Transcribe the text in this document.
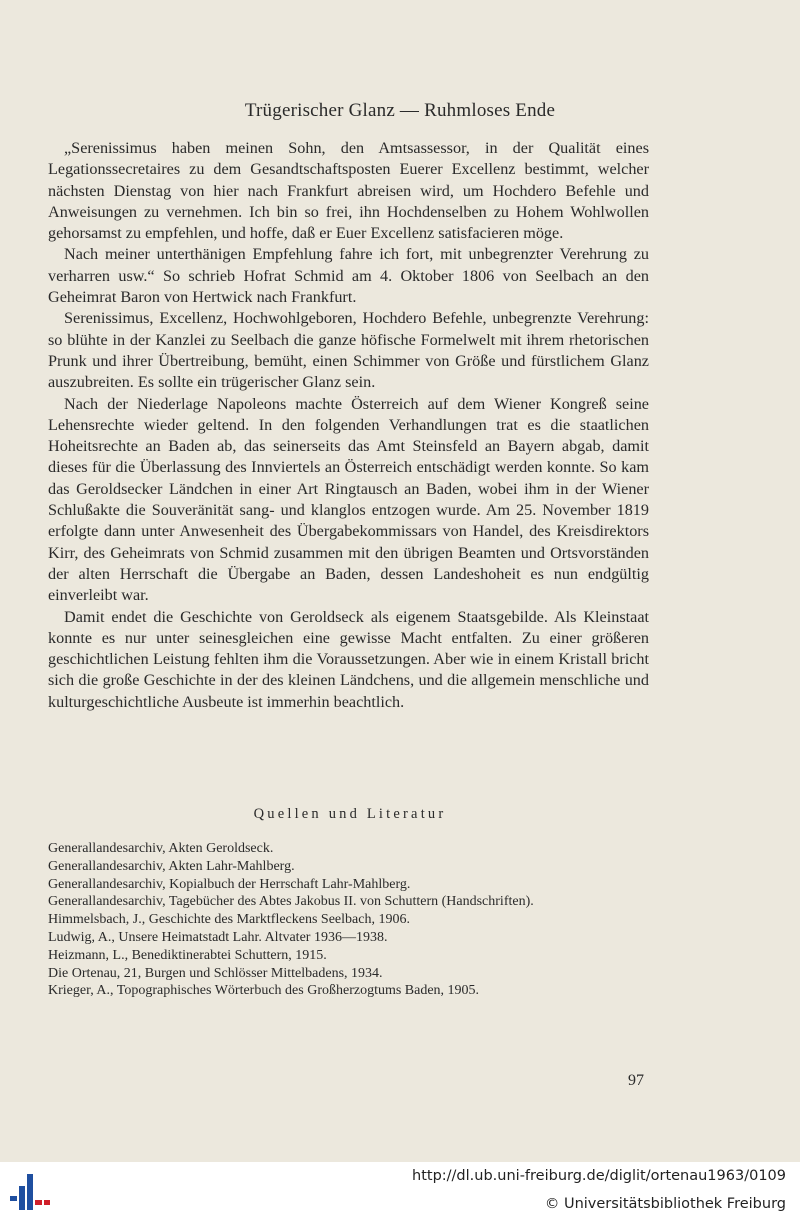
Trügerischer Glanz — Ruhmloses Ende

„Serenissimus haben meinen Sohn, den Amtsassessor, in der Qualität eines Legationssecretaires zu dem Gesandtschaftsposten Euerer Excellenz bestimmt, welcher nächsten Dienstag von hier nach Frankfurt abreisen wird, um Hochdero Befehle und Anweisungen zu vernehmen. Ich bin so frei, ihn Hochdenselben zu Hohem Wohlwollen gehorsamst zu empfehlen, und hoffe, daß er Euer Excellenz satisfacieren möge.

Nach meiner unterthänigen Empfehlung fahre ich fort, mit unbegrenzter Verehrung zu verharren usw.“ So schrieb Hofrat Schmid am 4. Oktober 1806 von Seelbach an den Geheimrat Baron von Hertwick nach Frankfurt.

Serenissimus, Excellenz, Hochwohlgeboren, Hochdero Befehle, unbegrenzte Verehrung: so blühte in der Kanzlei zu Seelbach die ganze höfische Formelwelt mit ihrem rhetorischen Prunk und ihrer Übertreibung, bemüht, einen Schimmer von Größe und fürstlichem Glanz auszubreiten. Es sollte ein trügerischer Glanz sein.

Nach der Niederlage Napoleons machte Österreich auf dem Wiener Kongreß seine Lehensrechte wieder geltend. In den folgenden Verhandlungen trat es die staatlichen Hoheitsrechte an Baden ab, das seinerseits das Amt Steinsfeld an Bayern abgab, damit dieses für die Überlassung des Innviertels an Österreich entschädigt werden konnte. So kam das Geroldsecker Ländchen in einer Art Ringtausch an Baden, wobei ihm in der Wiener Schlußakte die Souveränität sang- und klanglos entzogen wurde. Am 25. November 1819 erfolgte dann unter Anwesenheit des Übergabekommissars von Handel, des Kreisdirektors Kirr, des Geheimrats von Schmid zusammen mit den übrigen Beamten und Ortsvorständen der alten Herrschaft die Übergabe an Baden, dessen Landeshoheit es nun endgültig einverleibt war.

Damit endet die Geschichte von Geroldseck als eigenem Staatsgebilde. Als Kleinstaat konnte es nur unter seinesgleichen eine gewisse Macht entfalten. Zu einer größeren geschichtlichen Leistung fehlten ihm die Voraussetzungen. Aber wie in einem Kristall bricht sich die große Geschichte in der des kleinen Ländchens, und die allgemein menschliche und kulturgeschichtliche Ausbeute ist immerhin beachtlich.

Quellen und Literatur
Generallandesarchiv, Akten Geroldseck.
Generallandesarchiv, Akten Lahr-Mahlberg.
Generallandesarchiv, Kopialbuch der Herrschaft Lahr-Mahlberg.
Generallandesarchiv, Tagebücher des Abtes Jakobus II. von Schuttern (Handschriften).
Himmelsbach, J., Geschichte des Marktfleckens Seelbach, 1906.
Ludwig, A., Unsere Heimatstadt Lahr. Altvater 1936—1938.
Heizmann, L., Benediktinerabtei Schuttern, 1915.
Die Ortenau, 21, Burgen und Schlösser Mittelbadens, 1934.
Krieger, A., Topographisches Wörterbuch des Großherzogtums Baden, 1905.
97
http://dl.ub.uni-freiburg.de/diglit/ortenau1963/0109
© Universitätsbibliothek Freiburg
